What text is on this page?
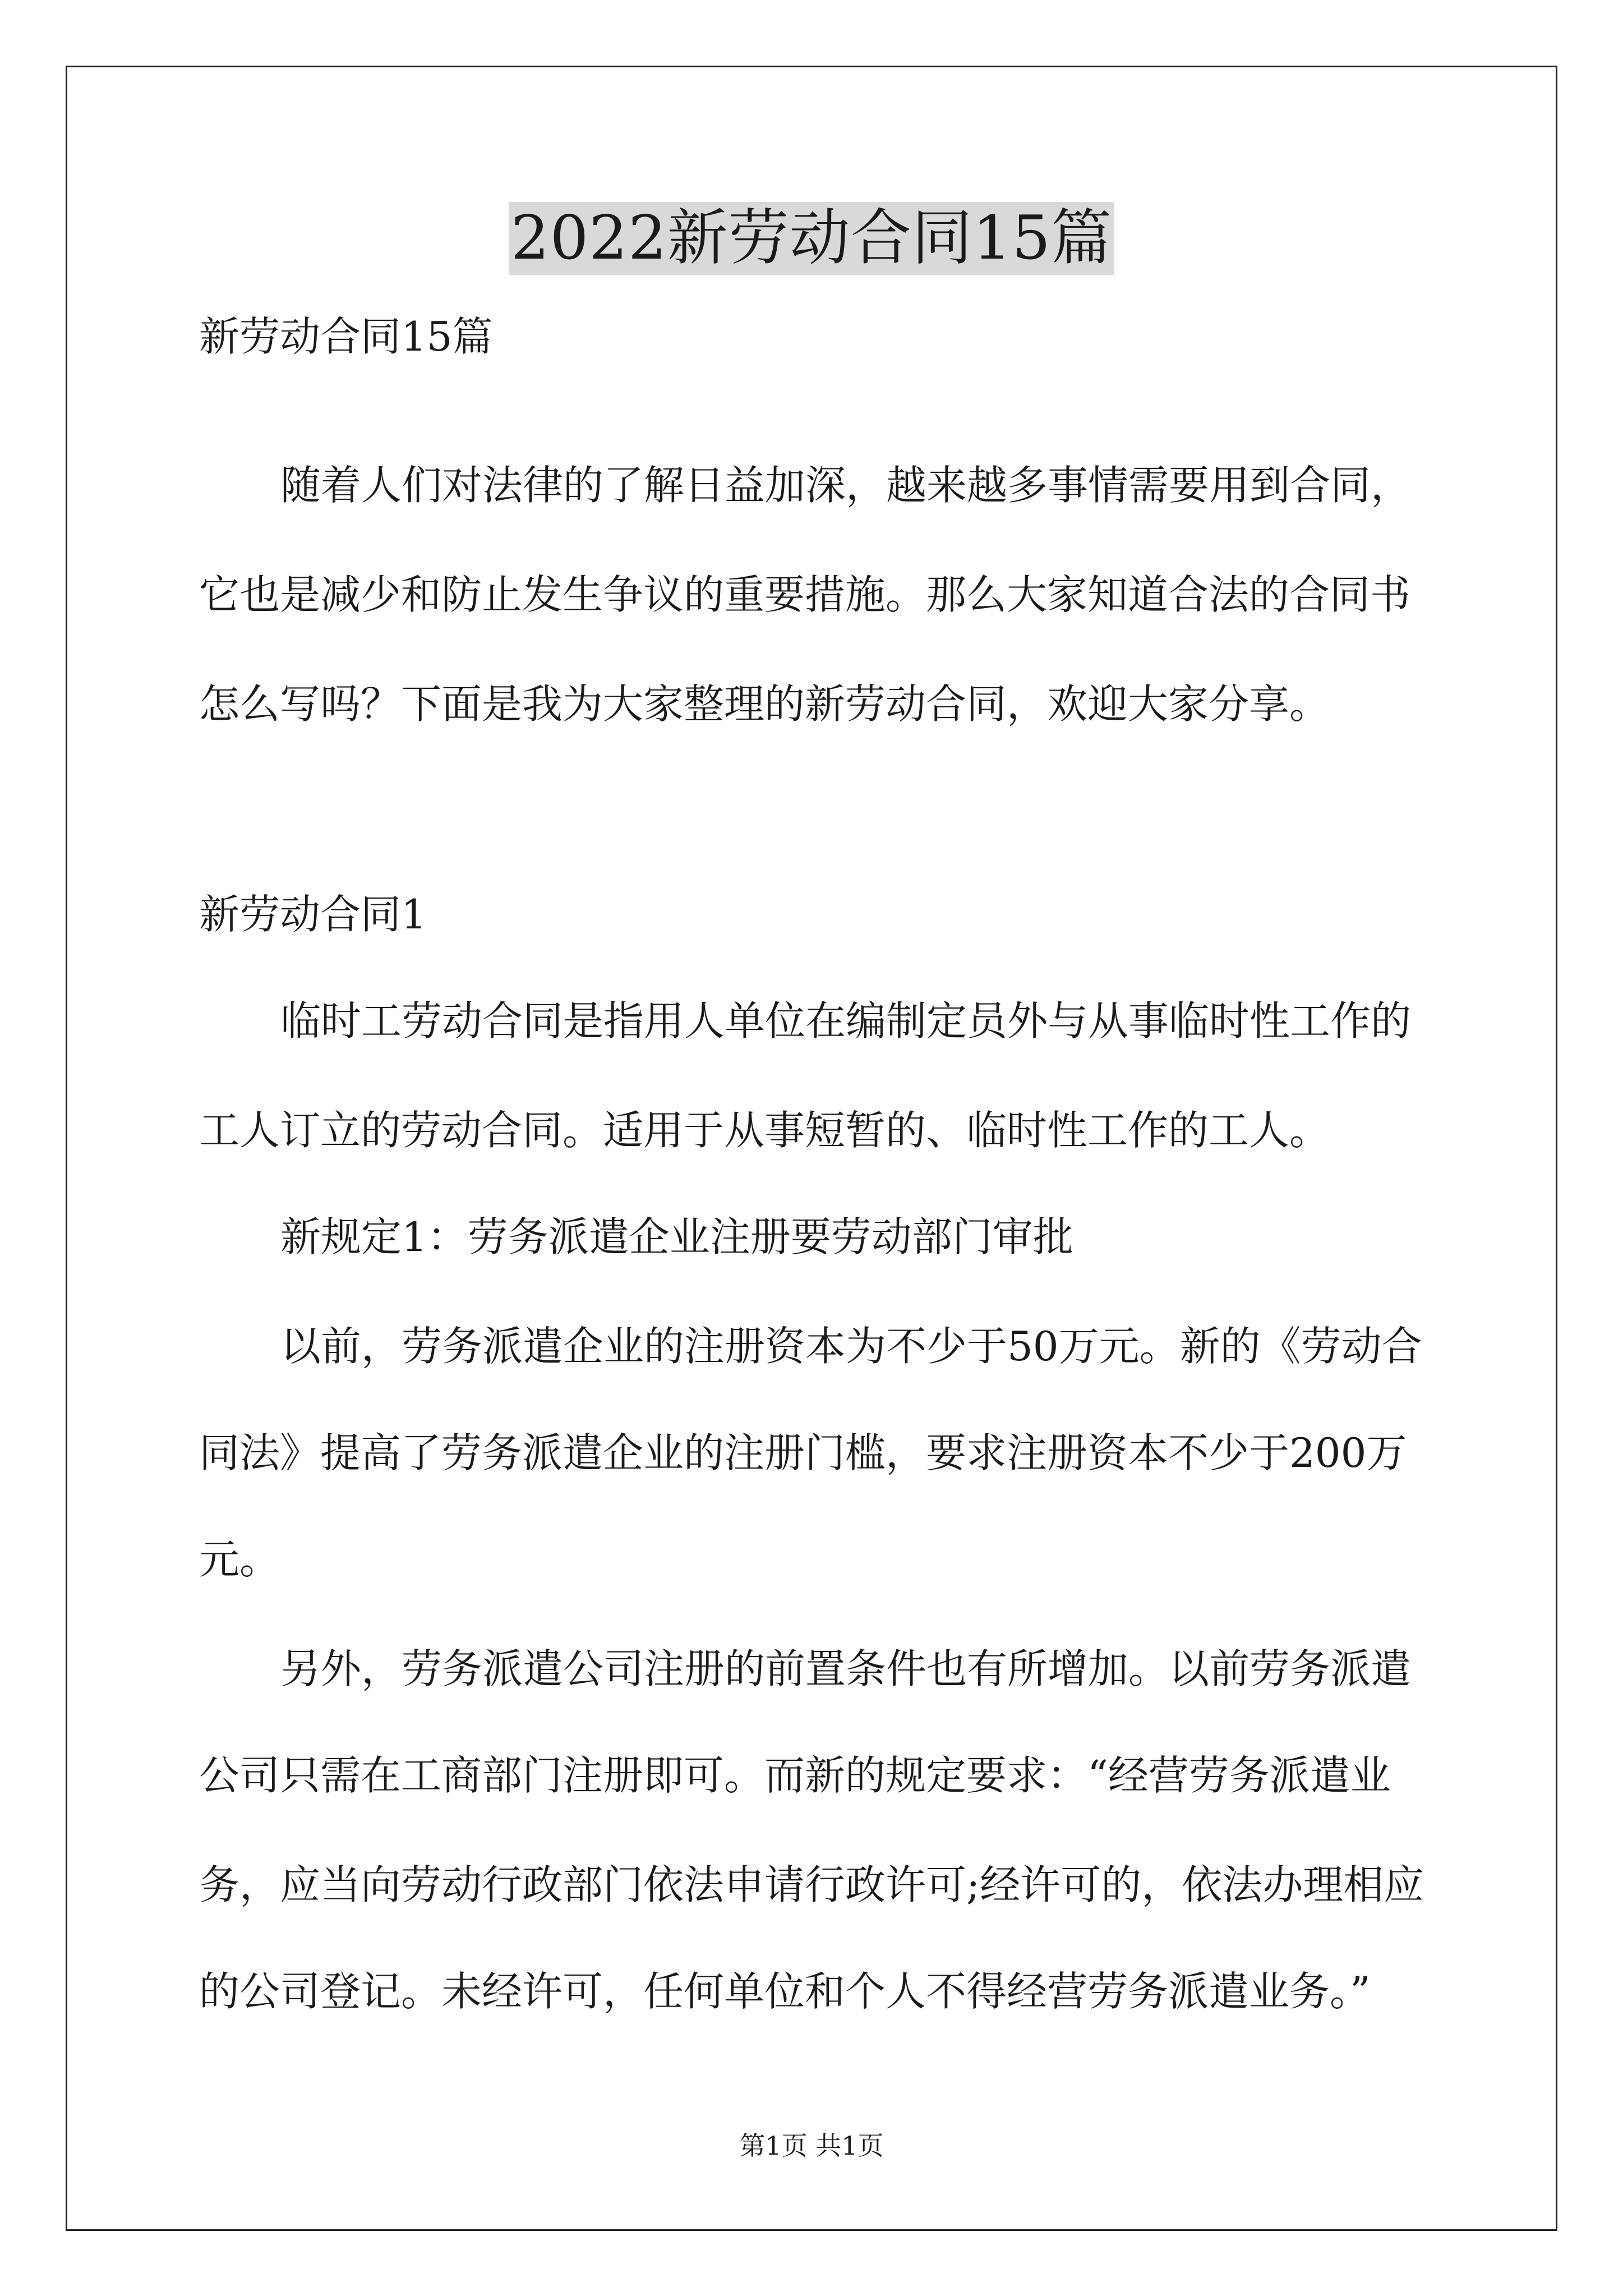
2022新劳动合同15篇
新劳动合同15篇
随着人们对法律的了解日益加深，越来越多事情需要用到合同，
它也是减少和防止发生争议的重要措施。那么大家知道合法的合同书
怎么写吗？下面是我为大家整理的新劳动合同，欢迎大家分享。
新劳动合同1
临时工劳动合同是指用人单位在编制定员外与从事临时性工作的
工人订立的劳动合同。适用于从事短暂的、临时性工作的工人。
新规定1：劳务派遣企业注册要劳动部门审批
以前，劳务派遣企业的注册资本为不少于50万元。新的《劳动合
同法》提高了劳务派遣企业的注册门槛，要求注册资本不少于200万
元。
另外，劳务派遣公司注册的前置条件也有所增加。以前劳务派遣
公司只需在工商部门注册即可。而新的规定要求：“经营劳务派遣业
务，应当向劳动行政部门依法申请行政许可;经许可的，依法办理相应
的公司登记。未经许可，任何单位和个人不得经营劳务派遣业务。”
第1页 共1页
